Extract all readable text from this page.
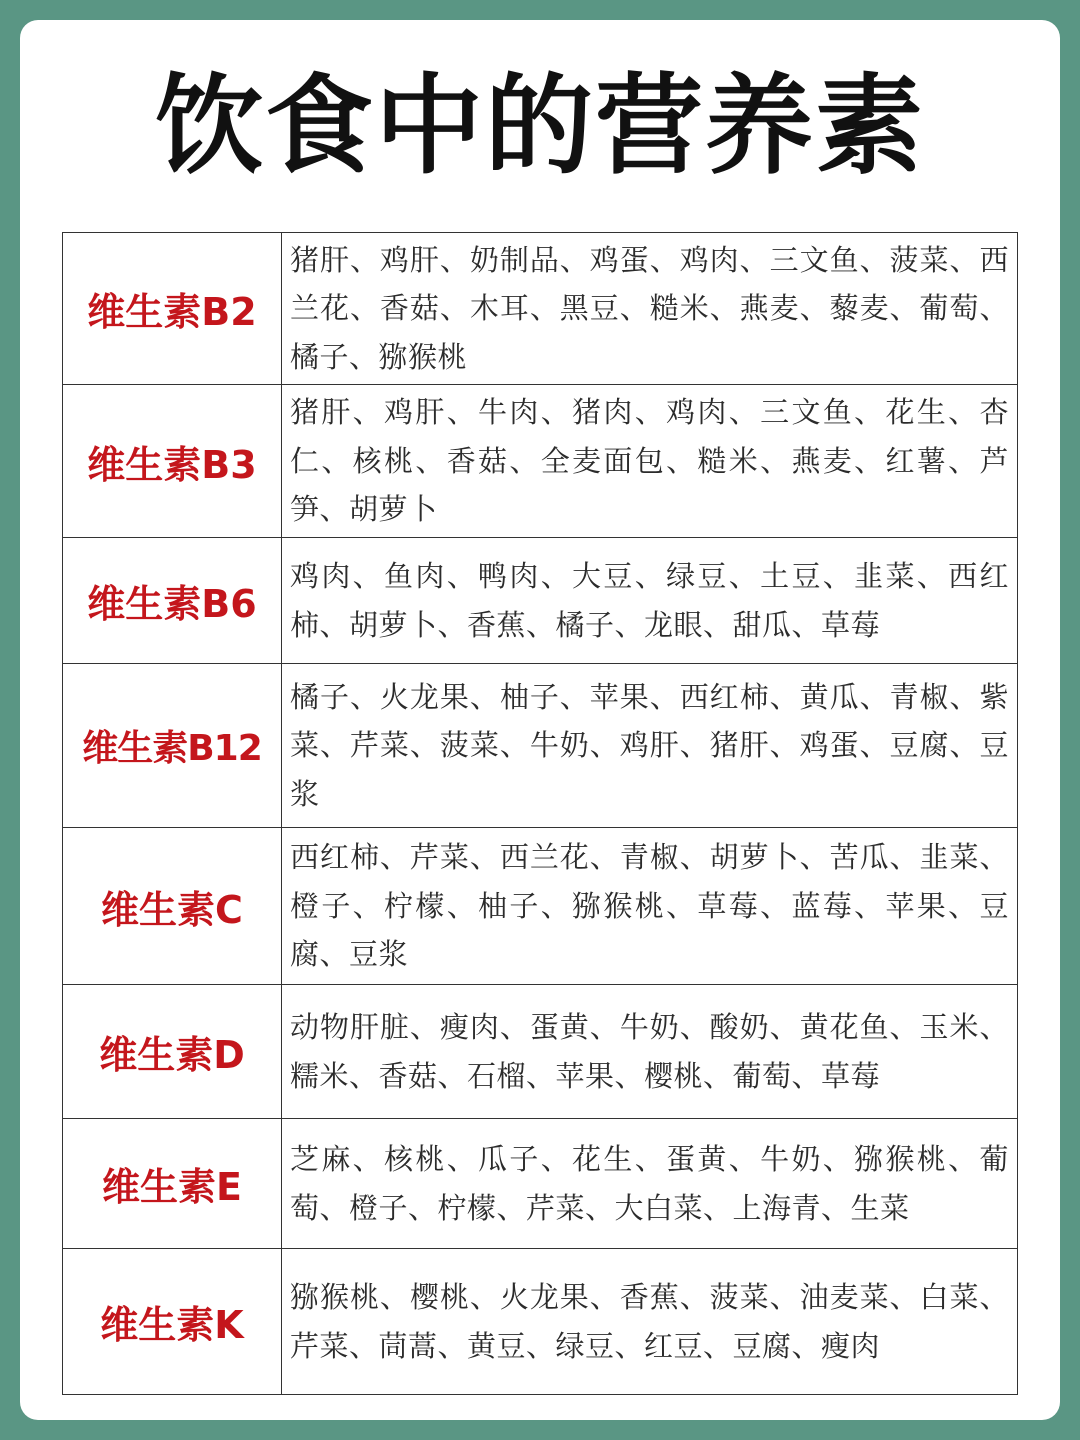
饮食中的营养素
维生素B2	猪肝、鸡肝、奶制品、鸡蛋、鸡肉、三文鱼、菠菜、西兰花、香菇、木耳、黑豆、糙米、燕麦、藜麦、葡萄、橘子、猕猴桃
维生素B3	猪肝、鸡肝、牛肉、猪肉、鸡肉、三文鱼、花生、杏仁、核桃、香菇、全麦面包、糙米、燕麦、红薯、芦笋、胡萝卜
维生素B6	鸡肉、鱼肉、鸭肉、大豆、绿豆、土豆、韭菜、西红柿、胡萝卜、香蕉、橘子、龙眼、甜瓜、草莓
维生素B12	橘子、火龙果、柚子、苹果、西红柿、黄瓜、青椒、紫菜、芹菜、菠菜、牛奶、鸡肝、猪肝、鸡蛋、豆腐、豆浆
维生素C	西红柿、芹菜、西兰花、青椒、胡萝卜、苦瓜、韭菜、橙子、柠檬、柚子、猕猴桃、草莓、蓝莓、苹果、豆腐、豆浆
维生素D	动物肝脏、瘦肉、蛋黄、牛奶、酸奶、黄花鱼、玉米、糯米、香菇、石榴、苹果、樱桃、葡萄、草莓
维生素E	芝麻、核桃、瓜子、花生、蛋黄、牛奶、猕猴桃、葡萄、橙子、柠檬、芹菜、大白菜、上海青、生菜
维生素K	猕猴桃、樱桃、火龙果、香蕉、菠菜、油麦菜、白菜、芹菜、茼蒿、黄豆、绿豆、红豆、豆腐、瘦肉
